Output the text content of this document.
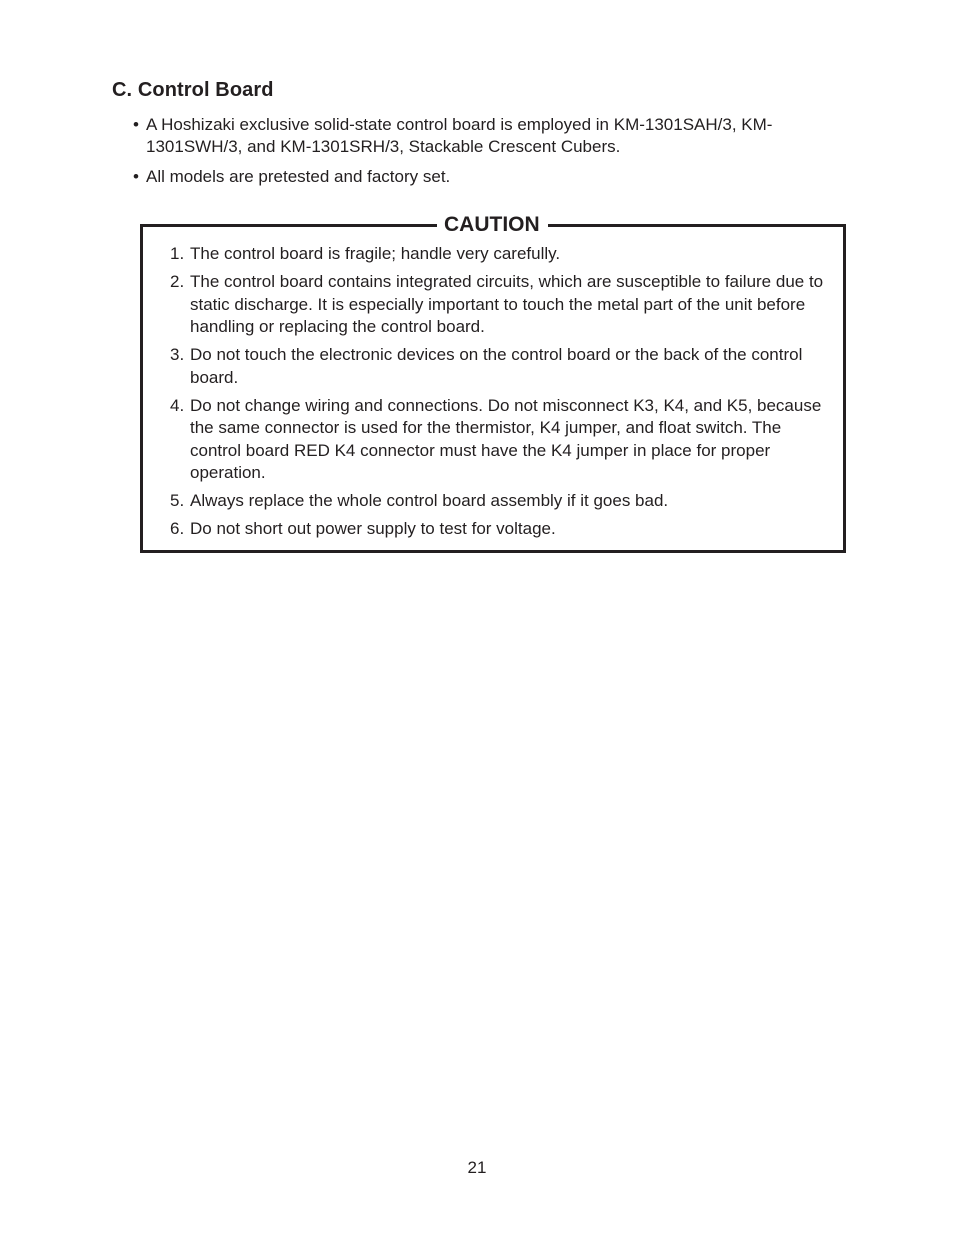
C. Control Board
• A Hoshizaki exclusive solid-state control board is employed in KM-1301SAH/3, KM-1301SWH/3, and KM-1301SRH/3, Stackable Crescent Cubers.
• All models are pretested and factory set.
CAUTION
1. The control board is fragile; handle very carefully.
2. The control board contains integrated circuits, which are susceptible to failure due to static discharge. It is especially important to touch the metal part of the unit before handling or replacing the control board.
3. Do not touch the electronic devices on the control board or the back of the control board.
4. Do not change wiring and connections. Do not misconnect K3, K4, and K5, because the same connector is used for the thermistor, K4 jumper, and float switch. The control board RED K4 connector must have the K4 jumper in place for proper operation.
5. Always replace the whole control board assembly if it goes bad.
6. Do not short out power supply to test for voltage.
21
